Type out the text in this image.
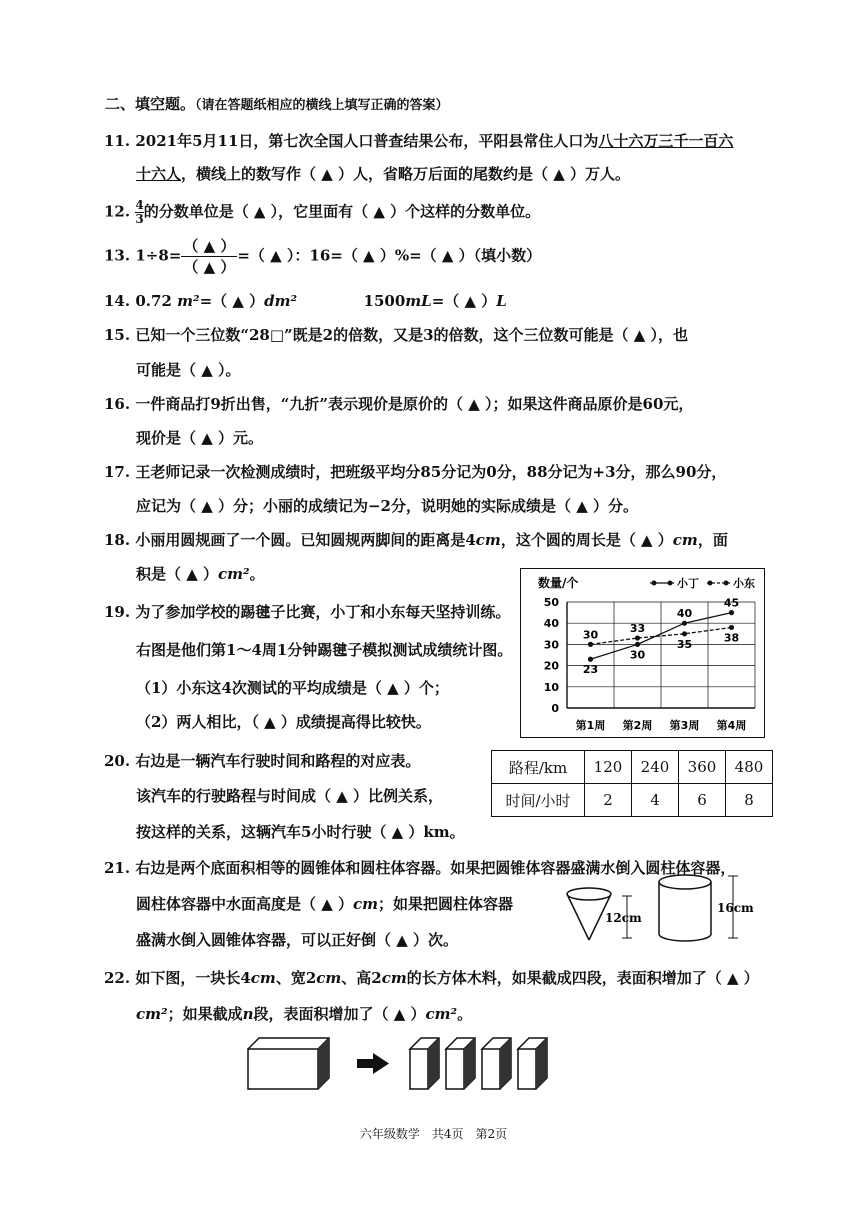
二、填空题。（请在答题纸相应的横线上填写正确的答案）
11. 2021年5月11日，第七次全国人口普查结果公布，平阳县常住人口为八十六万三千一百六
十六人，横线上的数写作（ ▲ ）人，省略万后面的尾数约是（ ▲ ）万人。
12. $\frac{4}{3}$ 的分数单位是（ ▲ ），它里面有（ ▲ ）个这样的分数单位。
13. 1÷8=
（ ▲ ）
（ ▲ ）
=（ ▲ ）：16=（ ▲ ）%=（ ▲ ）（填小数）
14. 0.72 m²=（ ▲ ）dm²	1500mL=（ ▲ ）L
15. 已知一个三位数“28□”既是2的倍数，又是3的倍数，这个三位数可能是（ ▲ ），也
可能是（ ▲ ）。
16. 一件商品打9折出售，“九折”表示现价是原价的（ ▲ ）；如果这件商品原价是60元，
现价是（ ▲ ）元。
17. 王老师记录一次检测成绩时，把班级平均分85分记为0分，88分记为+3分，那么90分，
应记为（ ▲ ）分；小丽的成绩记为−2分，说明她的实际成绩是（ ▲ ）分。
18. 小丽用圆规画了一个圆。已知圆规两脚间的距离是4cm，这个圆的周长是（ ▲ ）cm，面
积是（ ▲ ）cm²。
19. 为了参加学校的踢毽子比赛，小丁和小东每天坚持训练。
右图是他们第1～4周1分钟踢毽子模拟测试成绩统计图。
（1）小东这4次测试的平均成绩是（ ▲ ）个；
（2）两人相比，（ ▲ ）成绩提高得比较快。
0
10
20
30
40
50
数量/个
第1周 第2周 第3周 第4周
小丁	小东
23
30
40
45
30	33
35	38
20. 右边是一辆汽车行驶时间和路程的对应表。
该汽车的行驶路程与时间成（ ▲ ）比例关系，
按这样的关系，这辆汽车5小时行驶（ ▲ ）km。
路程/km	120	240	360	480
时间/小时	2	4	6	8
21. 右边是两个底面积相等的圆锥体和圆柱体容器。如果把圆锥体容器盛满水倒入圆柱体容器，
圆柱体容器中水面高度是（ ▲ ）cm；如果把圆柱体容器
盛满水倒入圆锥体容器，可以正好倒（ ▲ ）次。
12cm
16cm
22. 如下图，一块长4cm、宽2cm、高2cm的长方体木料，如果截成四段，表面积增加了（ ▲ ）
cm²；如果截成n段，表面积增加了（ ▲ ）cm²。
六年级数学　共4页　第2页
